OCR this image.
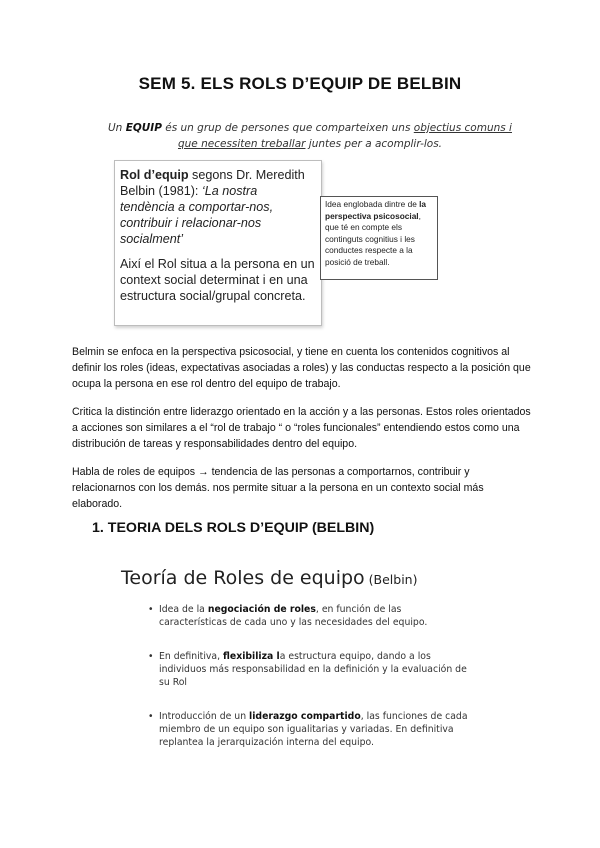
SEM 5. ELS ROLS D’EQUIP DE BELBIN
Un EQUIP és un grup de persones que comparteixen uns objectius comuns i que necessiten treballar juntes per a acomplir-los.
Rol d’equip segons Dr. Meredith Belbin (1981): ‘La nostra tendència a comportar-nos, contribuir i relacionar-nos socialment’
Així el Rol situa a la persona en un context social determinat i en una estructura social/grupal concreta.
Idea englobada dintre de la perspectiva psicosocial, que té en compte els continguts cognitius i les conductes respecte a la posició de treball.
Belmin se enfoca en la perspectiva psicosocial, y tiene en cuenta los contenidos cognitivos al definir los roles (ideas, expectativas asociadas a roles) y las conductas respecto a la posición que ocupa la persona en ese rol dentro del equipo de trabajo.
Critica la distinción entre liderazgo orientado en la acción y a las personas. Estos roles orientados a acciones son similares a el “rol de trabajo “ o “roles funcionales” entendiendo estos como una distribución de tareas y responsabilidades dentro del equipo.
Habla de roles de equipos → tendencia de las personas a comportarnos, contribuir y relacionarnos con los demás. nos permite situar a la persona en un contexto social más elaborado.
1. TEORIA DELS ROLS D’EQUIP (BELBIN)
Teoría de Roles de equipo (Belbin)
• Idea de la negociación de roles, en función de las características de cada uno y las necesidades del equipo.
• En definitiva, flexibiliza la estructura equipo, dando a los individuos más responsabilidad en la definición y la evaluación de su Rol
• Introducción de un liderazgo compartido, las funciones de cada miembro de un equipo son igualitarias y variadas. En definitiva replantea la jerarquización interna del equipo.
